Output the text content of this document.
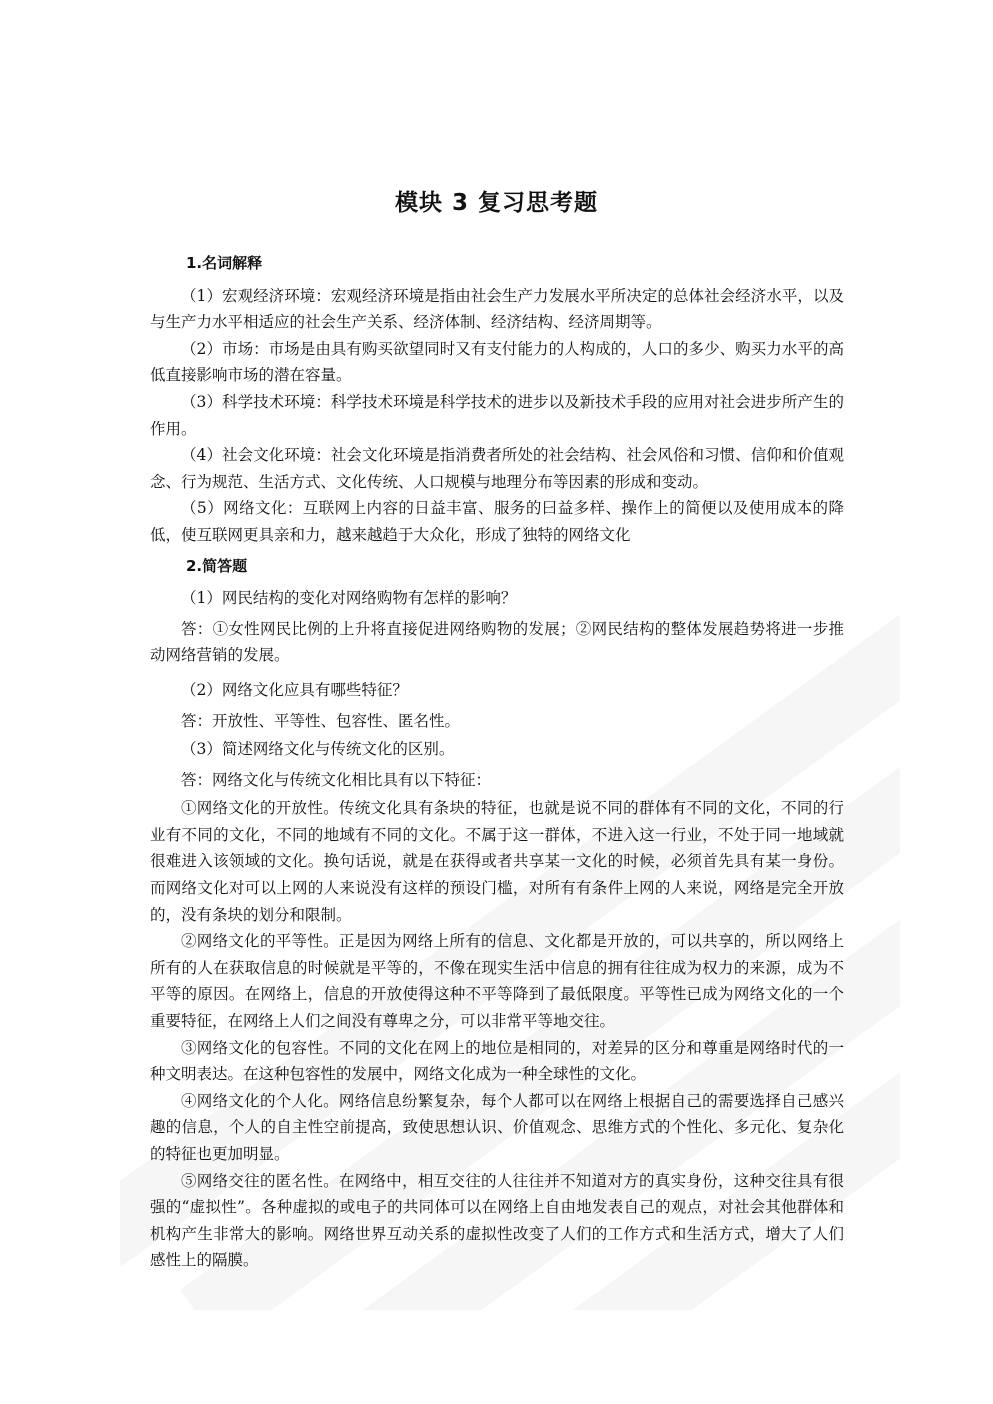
模块 3 复习思考题
1.名词解释

（1）宏观经济环境：宏观经济环境是指由社会生产力发展水平所决定的总体社会经济水平，以及与生产力水平相适应的社会生产关系、经济体制、经济结构、经济周期等。

（2）市场：市场是由具有购买欲望同时又有支付能力的人构成的，人口的多少、购买力水平的高低直接影响市场的潜在容量。

（3）科学技术环境：科学技术环境是科学技术的进步以及新技术手段的应用对社会进步所产生的作用。

（4）社会文化环境：社会文化环境是指消费者所处的社会结构、社会风俗和习惯、信仰和价值观念、行为规范、生活方式、文化传统、人口规模与地理分布等因素的形成和变动。

（5）网络文化：互联网上内容的日益丰富、服务的曰益多样、操作上的简便以及使用成本的降低，使互联网更具亲和力，越来越趋于大众化，形成了独特的网络文化

2.简答题

（1）网民结构的变化对网络购物有怎样的影响？

答：①女性网民比例的上升将直接促进网络购物的发展；②网民结构的整体发展趋势将进一步推动网络营销的发展。

（2）网络文化应具有哪些特征？

答：开放性、平等性、包容性、匿名性。

（3）简述网络文化与传统文化的区别。

答：网络文化与传统文化相比具有以下特征：

①网络文化的开放性。传统文化具有条块的特征，也就是说不同的群体有不同的文化，不同的行业有不同的文化，不同的地域有不同的文化。不属于这一群体，不进入这一行业，不处于同一地域就很难进入该领域的文化。换句话说，就是在获得或者共享某一文化的时候，必须首先具有某一身份。而网络文化对可以上网的人来说没有这样的预设门槛，对所有有条件上网的人来说，网络是完全开放的，没有条块的划分和限制。

②网络文化的平等性。正是因为网络上所有的信息、文化都是开放的，可以共享的，所以网络上所有的人在获取信息的时候就是平等的，不像在现实生活中信息的拥有往往成为权力的来源，成为不平等的原因。在网络上，信息的开放使得这种不平等降到了最低限度。平等性已成为网络文化的一个重要特征，在网络上人们之间没有尊卑之分，可以非常平等地交往。

③网络文化的包容性。不同的文化在网上的地位是相同的，对差异的区分和尊重是网络时代的一种文明表达。在这种包容性的发展中，网络文化成为一种全球性的文化。

④网络文化的个人化。网络信息纷繁复杂，每个人都可以在网络上根据自己的需要选择自己感兴趣的信息，个人的自主性空前提高，致使思想认识、价值观念、思维方式的个性化、多元化、复杂化的特征也更加明显。

⑤网络交往的匿名性。在网络中，相互交往的人往往并不知道对方的真实身份，这种交往具有很强的“虚拟性”。各种虚拟的或电子的共同体可以在网络上自由地发表自己的观点，对社会其他群体和机构产生非常大的影响。网络世界互动关系的虚拟性改变了人们的工作方式和生活方式，增大了人们感性上的隔膜。
